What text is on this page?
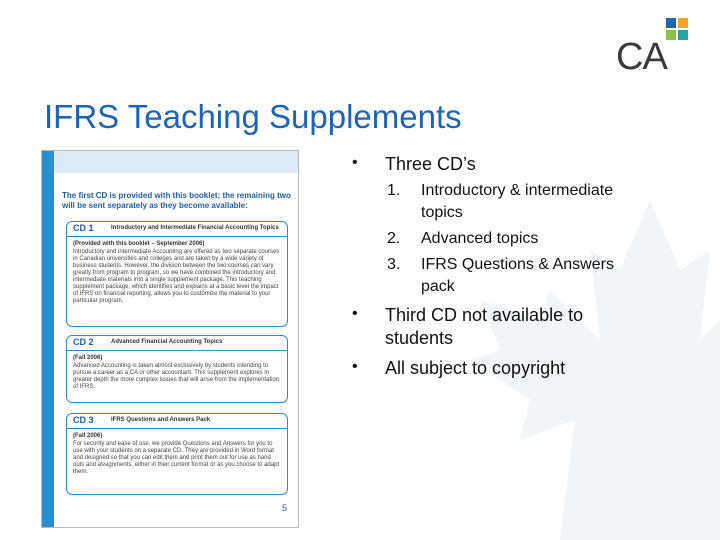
CA
IFRS Teaching Supplements
The first CD is provided with this booklet; the remaining two will be sent separately as they become available:
CD 1	Introductory and Intermediate Financial Accounting Topics
(Provided with this booklet – September 2006)
Introductory and intermediate Accounting are offered as two separate courses in Canadian universities and colleges and are taken by a wide variety of business students. However, the division between the two courses can vary greatly from program to program, so we have combined the introductory and intermediate materials into a single supplement package. This teaching supplement package, which identifies and explains at a basic level the impact of IFRS on financial reporting, allows you to customize the material to your particular program.
CD 2	Advanced Financial Accounting Topics
(Fall 2006)
Advanced Accounting is taken almost exclusively by students intending to pursue a career as a CA or other accountant. This supplement explores in greater depth the more complex issues that will arise from the implementation of IFRS.
CD 3	IFRS Questions and Answers Pack
(Fall 2006)
For security and ease of use, we provide Questions and Answers for you to use with your students on a separate CD. They are provided in Word format and designed so that you can edit them and print them out for use as hand outs and assignments, either in their current format or as you choose to adapt them.
5
• Three CD’s
1. Introductory & intermediate
topics
2. Advanced topics
3. IFRS Questions & Answers
pack
• Third CD not available to
students
• All subject to copyright
